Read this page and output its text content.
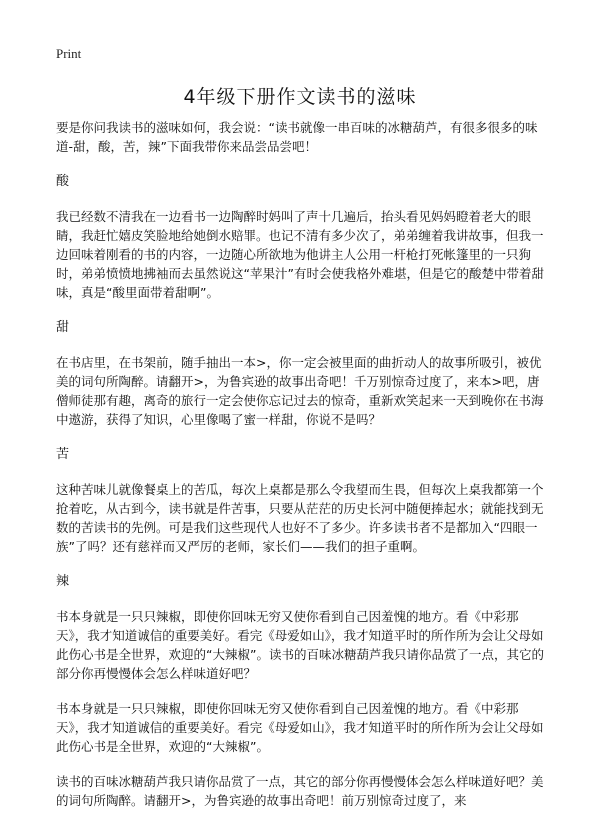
Print
4年级下册作文读书的滋味

要是你问我读书的滋味如何，我会说：“读书就像一串百味的冰糖葫芦，有很多很多的味道-甜，酸，苦，辣”下面我带你来品尝品尝吧！

酸

我已经数不清我在一边看书一边陶醉时妈叫了声十几遍后，抬头看见妈妈瞪着老大的眼睛，我赶忙嬉皮笑脸地给她倒水赔罪。也记不清有多少次了，弟弟缠着我讲故事，但我一边回味着刚看的书的内容，一边随心所欲地为他讲主人公用一杆枪打死帐篷里的一只狗时，弟弟愤愤地拂袖而去虽然说这“苹果汁”有时会使我格外难堪，但是它的酸楚中带着甜味，真是“酸里面带着甜啊”。

甜

在书店里，在书架前，随手抽出一本>，你一定会被里面的曲折动人的故事所吸引，被优美的词句所陶醉。请翻开>，为鲁宾逊的故事出奇吧！千万别惊奇过度了，来本>吧，唐僧师徒那有趣，离奇的旅行一定会使你忘记过去的惊奇，重新欢笑起来一天到晚你在书海中遨游，获得了知识，心里像喝了蜜一样甜，你说不是吗？

苦

这种苦味儿就像餐桌上的苦瓜，每次上桌都是那么令我望而生畏，但每次上桌我都第一个抢着吃，从古到今，读书就是件苦事，只要从茫茫的历史长河中随便捧起水；就能找到无数的苦读书的先例。可是我们这些现代人也好不了多少。许多读书者不是都加入“四眼一族”了吗？还有慈祥而又严厉的老师，家长们——我们的担子重啊。

辣

书本身就是一只只辣椒，即使你回味无穷又使你看到自己因羞愧的地方。看《中彩那天》，我才知道诚信的重要美好。看完《母爱如山》，我才知道平时的所作所为会让父母如此伤心书是全世界，欢迎的“大辣椒”。读书的百味冰糖葫芦我只请你品赏了一点，其它的部分你再慢慢体会怎么样味道好吧？

书本身就是一只只辣椒，即使你回味无穷又使你看到自己因羞愧的地方。看《中彩那天》，我才知道诚信的重要美好。看完《母爱如山》，我才知道平时的所作所为会让父母如此伤心书是全世界，欢迎的“大辣椒”。

读书的百味冰糖葫芦我只请你品赏了一点，其它的部分你再慢慢体会怎么样味道好吧？美的词句所陶醉。请翻开>，为鲁宾逊的故事出奇吧！前万别惊奇过度了，来
